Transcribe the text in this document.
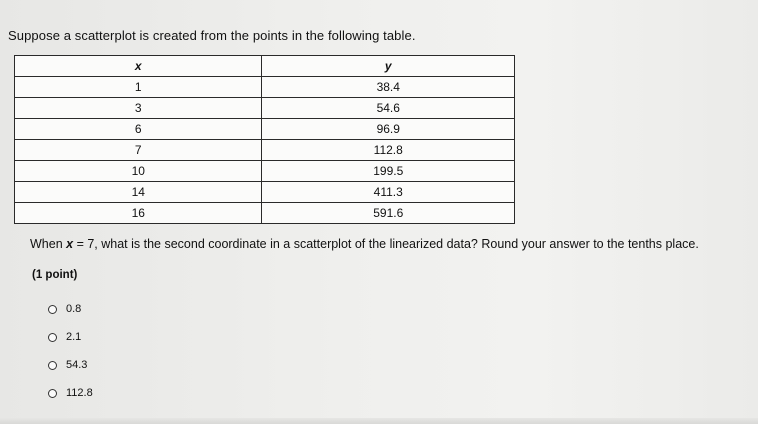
Suppose a scatterplot is created from the points in the following table.
x	y
1	38.4
3	54.6
6	96.9
7	112.8
10	199.5
14	411.3
16	591.6
When x = 7, what is the second coordinate in a scatterplot of the linearized data? Round your answer to the tenths place.
(1 point)
0.8
2.1
54.3
112.8
